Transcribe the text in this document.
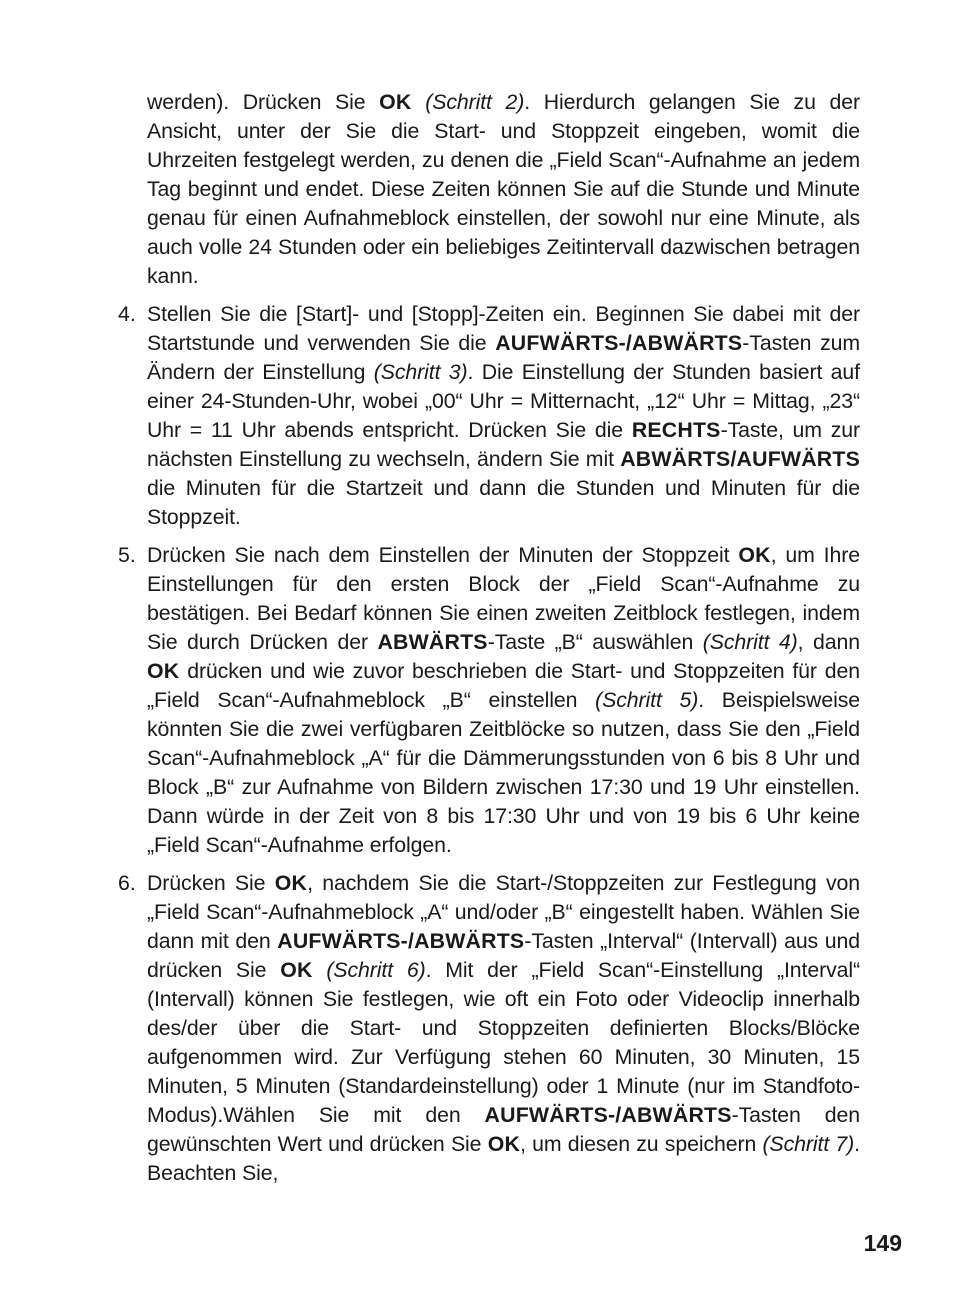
werden). Drücken Sie OK (Schritt 2). Hierdurch gelangen Sie zu der Ansicht, unter der Sie die Start- und Stoppzeit eingeben, womit die Uhrzeiten festgelegt werden, zu denen die „Field Scan“-Aufnahme an jedem Tag beginnt und endet. Diese Zeiten können Sie auf die Stunde und Minute genau für einen Aufnahmeblock einstellen, der sowohl nur eine Minute, als auch volle 24 Stunden oder ein beliebiges Zeitintervall dazwischen betragen kann.

4. Stellen Sie die [Start]- und [Stopp]-Zeiten ein. Beginnen Sie dabei mit der Startstunde und verwenden Sie die AUFWÄRTS-/ABWÄRTS-Tasten zum Ändern der Einstellung (Schritt 3). Die Einstellung der Stunden basiert auf einer 24-Stunden-Uhr, wobei „00“ Uhr = Mitternacht, „12“ Uhr = Mittag, „23“ Uhr = 11 Uhr abends entspricht. Drücken Sie die RECHTS-Taste, um zur nächsten Einstellung zu wechseln, ändern Sie mit ABWÄRTS/AUFWÄRTS die Minuten für die Startzeit und dann die Stunden und Minuten für die Stoppzeit.

5. Drücken Sie nach dem Einstellen der Minuten der Stoppzeit OK, um Ihre Einstellungen für den ersten Block der „Field Scan“-Aufnahme zu bestätigen. Bei Bedarf können Sie einen zweiten Zeitblock festlegen, indem Sie durch Drücken der ABWÄRTS-Taste „B“ auswählen (Schritt 4), dann OK drücken und wie zuvor beschrieben die Start- und Stoppzeiten für den „Field Scan“-Aufnahmeblock „B“ einstellen (Schritt 5). Beispielsweise könnten Sie die zwei verfügbaren Zeitblöcke so nutzen, dass Sie den „Field Scan“-Aufnahmeblock „A“ für die Dämmerungsstunden von 6 bis 8 Uhr und Block „B“ zur Aufnahme von Bildern zwischen 17:30 und 19 Uhr einstellen. Dann würde in der Zeit von 8 bis 17:30 Uhr und von 19 bis 6 Uhr keine „Field Scan“-Aufnahme erfolgen.

6. Drücken Sie OK, nachdem Sie die Start-/Stoppzeiten zur Festlegung von „Field Scan“-Aufnahmeblock „A“ und/oder „B“ eingestellt haben. Wählen Sie dann mit den AUFWÄRTS-/ABWÄRTS-Tasten „Interval“ (Intervall) aus und drücken Sie OK (Schritt 6). Mit der „Field Scan“-Einstellung „Interval“ (Intervall) können Sie festlegen, wie oft ein Foto oder Videoclip innerhalb des/der über die Start- und Stoppzeiten definierten Blocks/Blöcke aufgenommen wird. Zur Verfügung stehen 60 Minuten, 30 Minuten, 15 Minuten, 5 Minuten (Standardeinstellung) oder 1 Minute (nur im Standfoto-Modus).Wählen Sie mit den AUFWÄRTS-/ABWÄRTS-Tasten den gewünschten Wert und drücken Sie OK, um diesen zu speichern (Schritt 7). Beachten Sie,

149
